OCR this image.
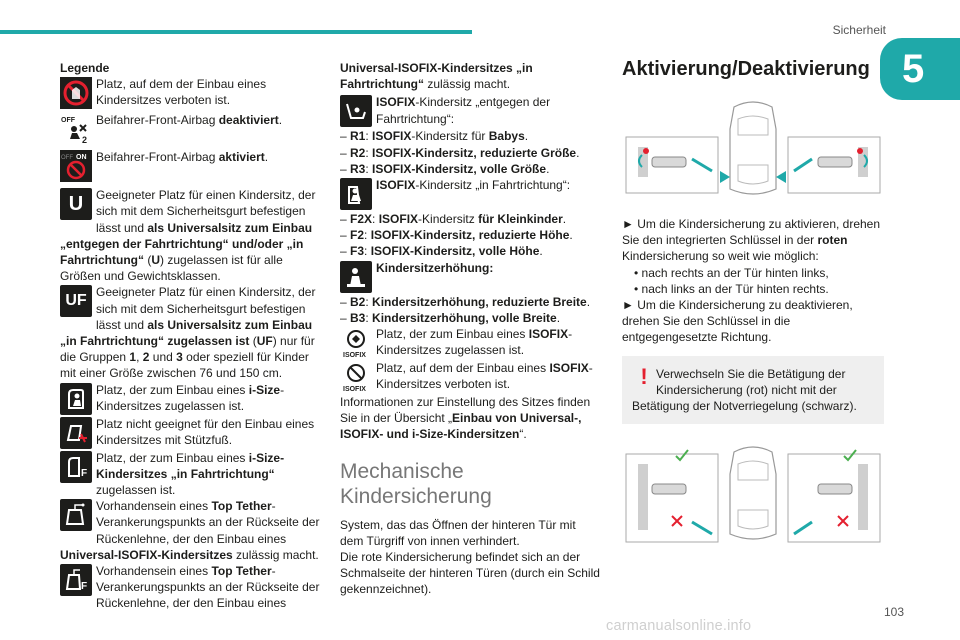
Sicherheit
5

Legende

Platz, auf dem der Einbau eines Kindersitzes verboten ist.

OFF
2
Beifahrer-Front-Airbag deaktiviert.

OFF ON Beifahrer-Front-Airbag aktiviert.

U	Geeigneter Platz für einen Kindersitz, der sich mit dem Sicherheitsgurt befestigen lässt und als Universalsitz zum Einbau „entgegen der Fahrtrichtung“ und/oder „in Fahrtrichtung“ (U) zugelassen ist für alle Größen und Gewichtsklassen.

UF Geeigneter Platz für einen Kindersitz, der sich mit dem Sicherheitsgurt befestigen lässt und als Universalsitz zum Einbau „in Fahrtrichtung“ zugelassen ist (UF) nur für die Gruppen 1, 2 und 3 oder speziell für Kinder mit einer Größe zwischen 76 und 150 cm.

Platz, der zum Einbau eines i-Size-Kindersitzes zugelassen ist.

Platz nicht geeignet für den Einbau eines Kindersitzes mit Stützfuß.

F
Platz, der zum Einbau eines i-Size-Kindersitzes „in Fahrtrichtung“ zugelassen ist.

Vorhandensein eines Top Tether-Verankerungspunkts an der Rückseite der Rückenlehne, der den Einbau eines Universal-ISOFIX-Kindersitzes zulässig macht.

F
Vorhandensein eines Top Tether-Verankerungspunkts an der Rückseite der Rückenlehne, der den Einbau eines

Universal-ISOFIX-Kindersitzes „in Fahrtrichtung“ zulässig macht.

ISOFIX-Kindersitz „entgegen der Fahrtrichtung“:

– R1: ISOFIX-Kindersitz für Babys.

– R2: ISOFIX-Kindersitz, reduzierte Größe.

– R3: ISOFIX-Kindersitz, volle Größe.

ISOFIX-Kindersitz „in Fahrtrichtung“:

– F2X: ISOFIX-Kindersitz für Kleinkinder.

– F2: ISOFIX-Kindersitz, reduzierte Höhe.

– F3: ISOFIX-Kindersitz, volle Höhe.

Kindersitzerhöhung:

– B2: Kindersitzerhöhung, reduzierte Breite.

– B3: Kindersitzerhöhung, volle Breite.

ISOFIX
Platz, der zum Einbau eines ISOFIX-Kindersitzes zugelassen ist.

ISOFIX
Platz, auf dem der Einbau eines ISOFIX-Kindersitzes verboten ist.

Informationen zur Einstellung des Sitzes finden Sie in der Übersicht „Einbau von Universal-, ISOFIX- und i-Size-Kindersitzen“.

Mechanische
Kindersicherung

System, das das Öffnen der hinteren Tür mit dem Türgriff von innen verhindert.

Die rote Kindersicherung befindet sich an der Schmalseite der hinteren Türen (durch ein Schild gekennzeichnet).

Aktivierung/Deaktivierung

► Um die Kindersicherung zu aktivieren, drehen Sie den integrierten Schlüssel in der roten Kindersicherung so weit wie möglich:

• nach rechts an der Tür hinten links,

• nach links an der Tür hinten rechts.

► Um die Kindersicherung zu deaktivieren, drehen Sie den Schlüssel in die entgegengesetzte Richtung.

! Verwechseln Sie die Betätigung der Kindersicherung (rot) nicht mit der Betätigung der Notverriegelung (schwarz).
103
carmanualsonline.info
